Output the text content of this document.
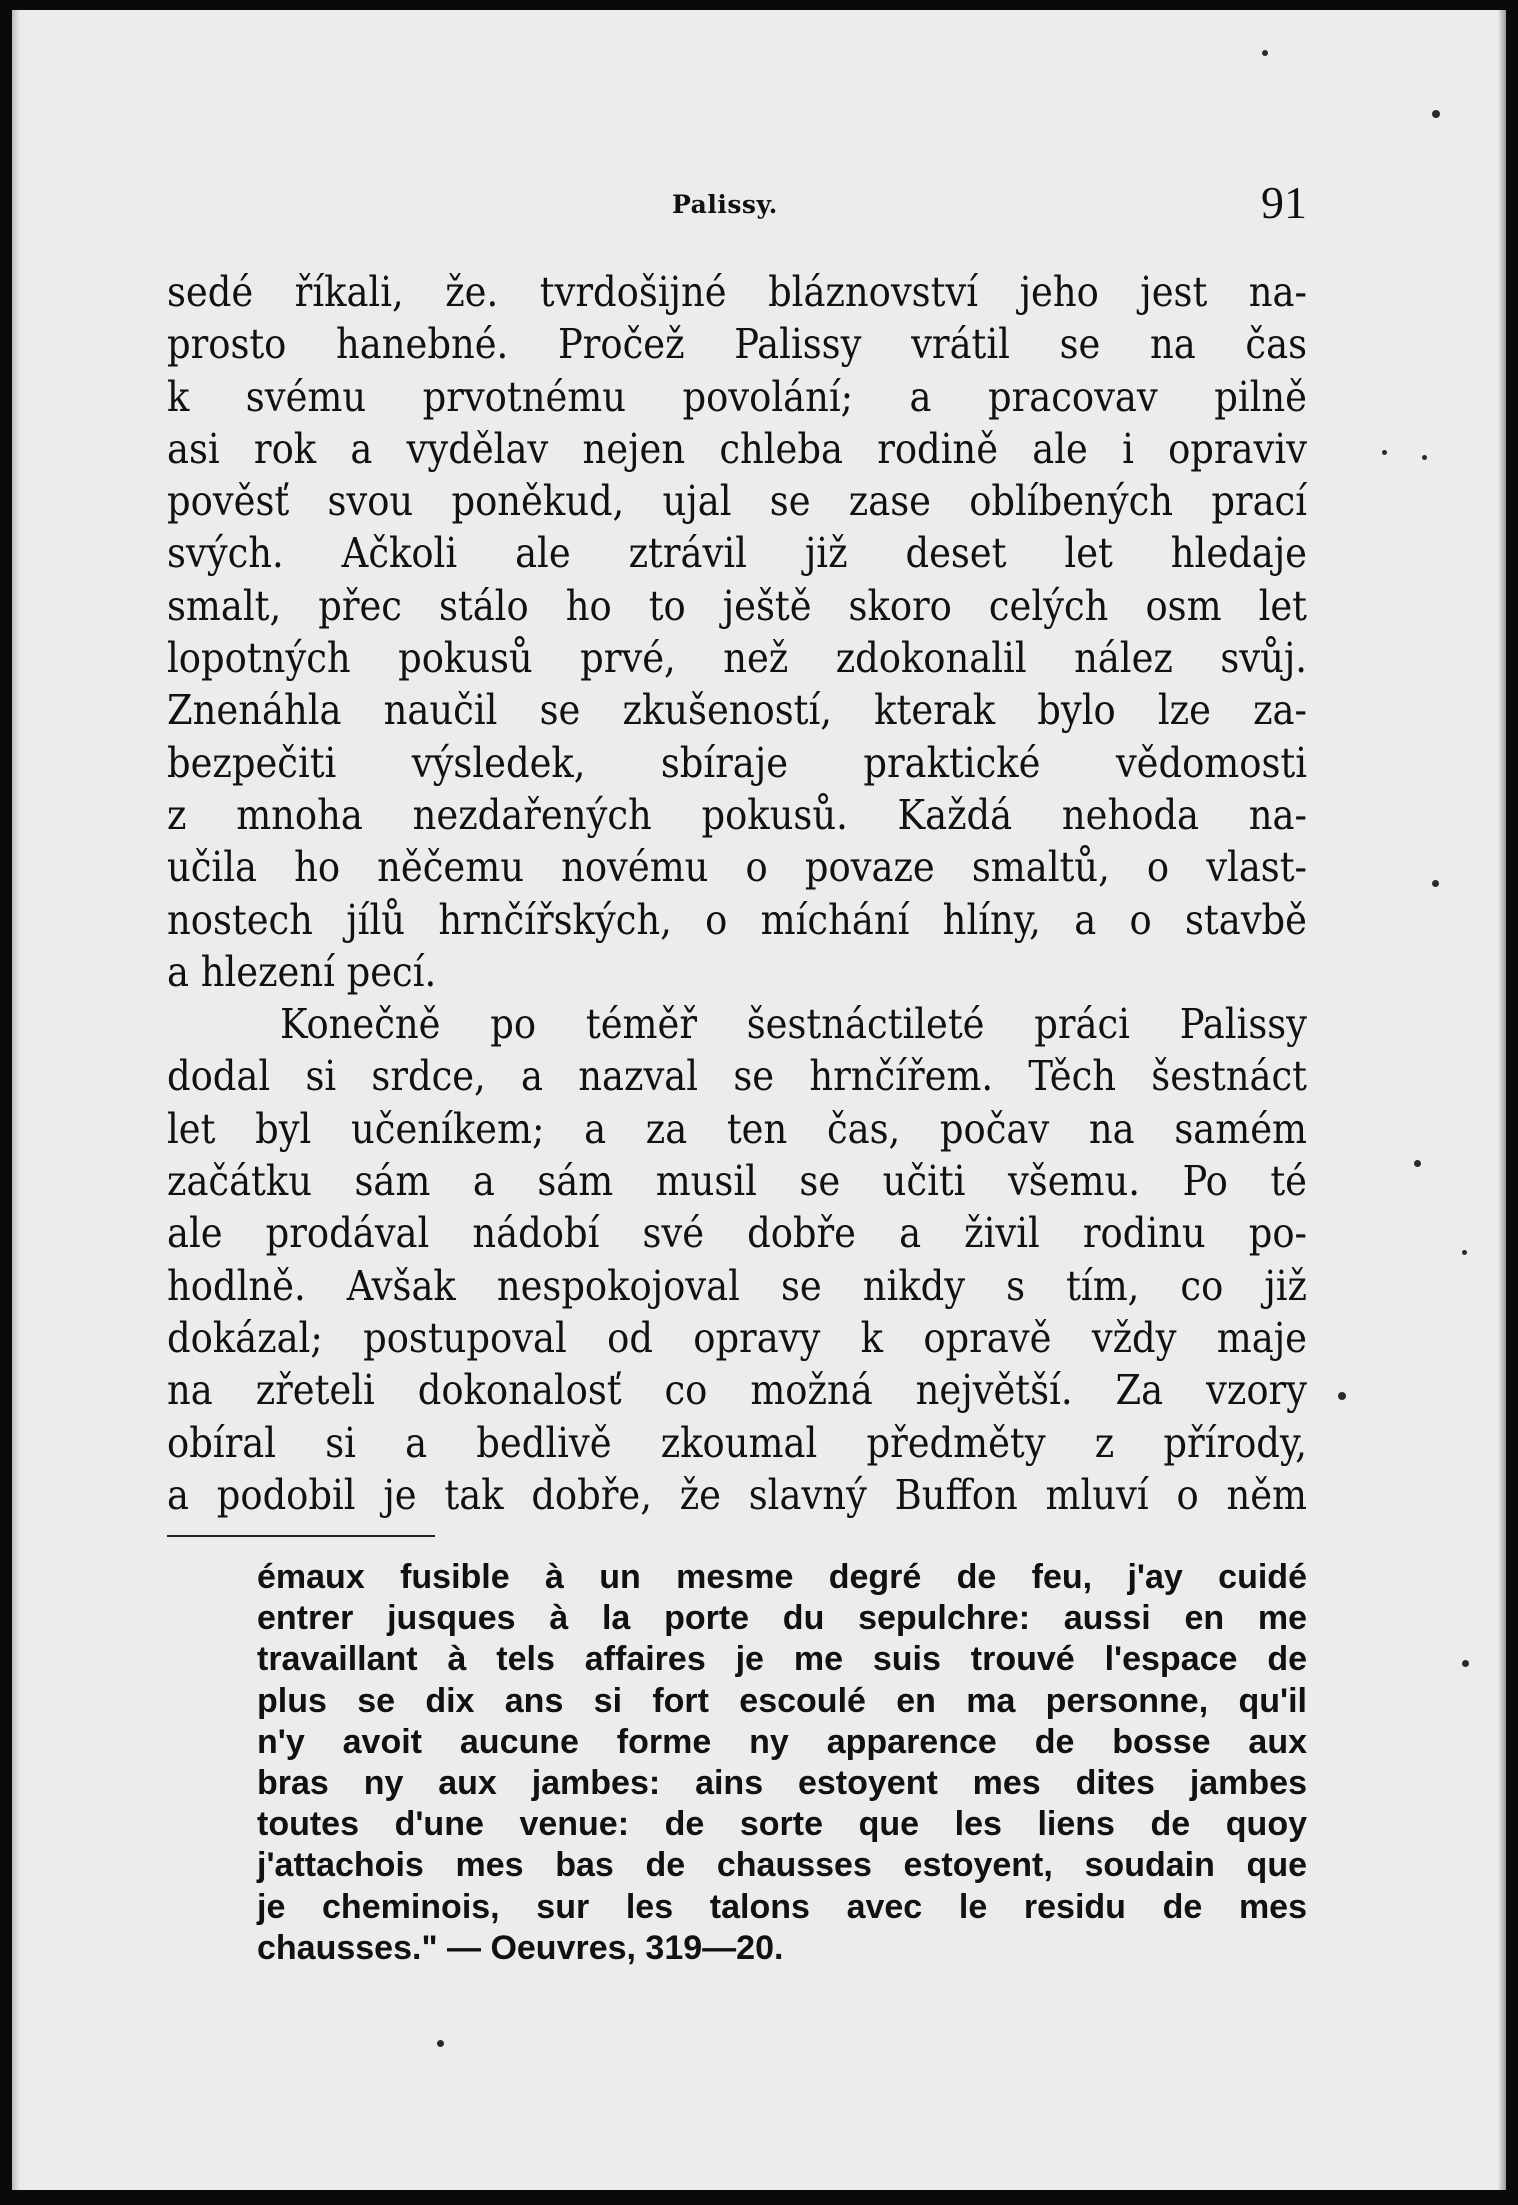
Palissy.	91
sedé říkali, že. tvrdošijné bláznovství jeho jest na-
prosto hanebné. Pročež Palissy vrátil se na čas
k svému prvotnému povolání; a pracovav pilně
asi rok a vydělav nejen chleba rodině ale i opraviv
pověsť svou poněkud, ujal se zase oblíbených prací
svých. Ačkoli ale ztrávil již deset let hledaje
smalt, přec stálo ho to ještě skoro celých osm let
lopotných pokusů prvé, než zdokonalil nález svůj.
Znenáhla naučil se zkušeností, kterak bylo lze za-
bezpečiti výsledek, sbíraje praktické vědomosti
z mnoha nezdařených pokusů. Každá nehoda na-
učila ho něčemu novému o povaze smaltů, o vlast-
nostech jílů hrnčířských, o míchání hlíny, a o stavbě
a hlezení pecí.
Konečně po téměř šestnáctileté práci Palissy
dodal si srdce, a nazval se hrnčířem. Těch šestnáct
let byl učeníkem; a za ten čas, počav na samém
začátku sám a sám musil se učiti všemu. Po té
ale prodával nádobí své dobře a živil rodinu po-
hodlně. Avšak nespokojoval se nikdy s tím, co již
dokázal; postupoval od opravy k opravě vždy maje
na zřeteli dokonalosť co možná největší. Za vzory
obíral si a bedlivě zkoumal předměty z přírody,
a podobil je tak dobře, že slavný Buffon mluví o něm
émaux fusible à un mesme degré de feu, j'ay cuidé
entrer jusques à la porte du sepulchre: aussi en me
travaillant à tels affaires je me suis trouvé l'espace de
plus se dix ans si fort escoulé en ma personne, qu'il
n'y avoit aucune forme ny apparence de bosse aux
bras ny aux jambes: ains estoyent mes dites jambes
toutes d'une venue: de sorte que les liens de quoy
j'attachois mes bas de chausses estoyent, soudain que
je cheminois, sur les talons avec le residu de mes
chausses." — Oeuvres, 319—20.
